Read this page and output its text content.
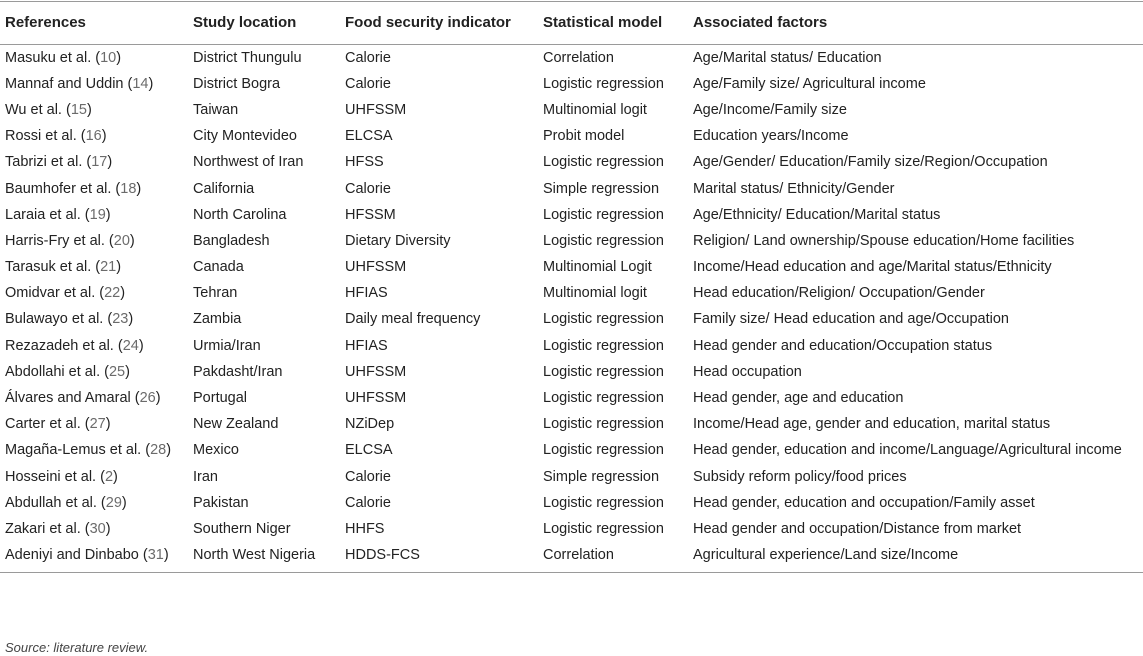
References	Study location	Food security indicator	Statistical model	Associated factors
Masuku et al. (10)	District Thungulu	Calorie	Correlation	Age/Marital status/ Education
Mannaf and Uddin (14)	District Bogra	Calorie	Logistic regression	Age/Family size/ Agricultural income
Wu et al. (15)	Taiwan	UHFSSM	Multinomial logit	Age/Income/Family size
Rossi et al. (16)	City Montevideo	ELCSA	Probit model	Education years/Income
Tabrizi et al. (17)	Northwest of Iran	HFSS	Logistic regression	Age/Gender/ Education/Family size/Region/Occupation
Baumhofer et al. (18)	California	Calorie	Simple regression	Marital status/ Ethnicity/Gender
Laraia et al. (19)	North Carolina	HFSSM	Logistic regression	Age/Ethnicity/ Education/Marital status
Harris-Fry et al. (20)	Bangladesh	Dietary Diversity	Logistic regression	Religion/ Land ownership/Spouse education/Home facilities
Tarasuk et al. (21)	Canada	UHFSSM	Multinomial Logit	Income/Head education and age/Marital status/Ethnicity
Omidvar et al. (22)	Tehran	HFIAS	Multinomial logit	Head education/Religion/ Occupation/Gender
Bulawayo et al. (23)	Zambia	Daily meal frequency	Logistic regression	Family size/ Head education and age/Occupation
Rezazadeh et al. (24)	Urmia/Iran	HFIAS	Logistic regression	Head gender and education/Occupation status
Abdollahi et al. (25)	Pakdasht/Iran	UHFSSM	Logistic regression	Head occupation
Álvares and Amaral (26)	Portugal	UHFSSM	Logistic regression	Head gender, age and education
Carter et al. (27)	New Zealand	NZiDep	Logistic regression	Income/Head age, gender and education, marital status
Magaña-Lemus et al. (28)	Mexico	ELCSA	Logistic regression	Head gender, education and income/Language/Agricultural income
Hosseini et al. (2)	Iran	Calorie	Simple regression	Subsidy reform policy/food prices
Abdullah et al. (29)	Pakistan	Calorie	Logistic regression	Head gender, education and occupation/Family asset
Zakari et al. (30)	Southern Niger	HHFS	Logistic regression	Head gender and occupation/Distance from market
Adeniyi and Dinbabo (31)	North West Nigeria	HDDS-FCS	Correlation	Agricultural experience/Land size/Income
Source: literature review.
